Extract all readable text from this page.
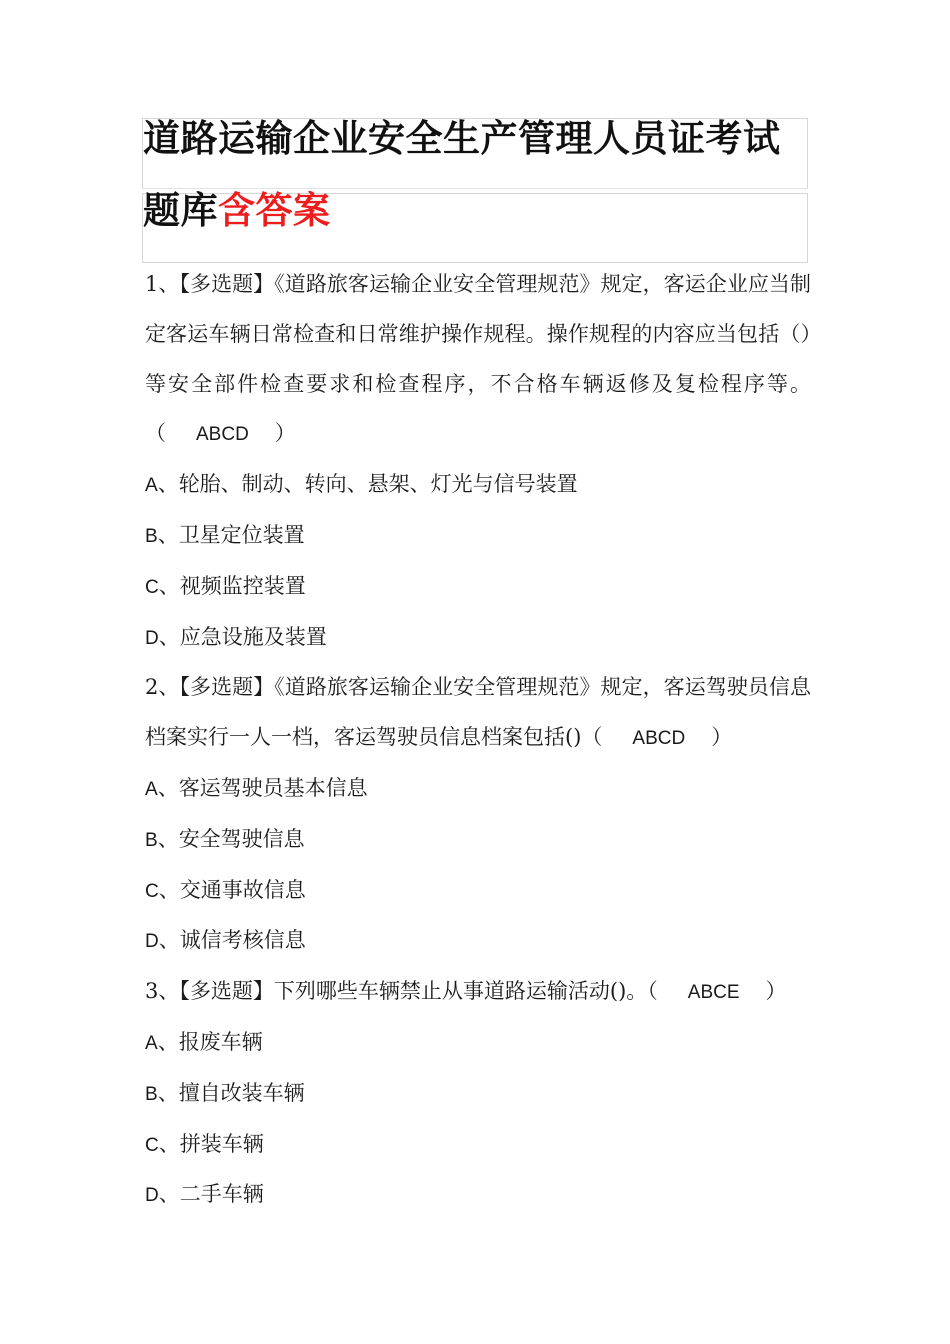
道路运输企业安全生产管理人员证考试
题库含答案
1、【多选题】《道路旅客运输企业安全管理规范》规定，客运企业应当制定客运车辆日常检查和日常维护操作规程。操作规程的内容应当包括（）等安全部件检查要求和检查程序，不合格车辆返修及复检程序等。（ ABCD ）
A、轮胎、制动、转向、悬架、灯光与信号装置
B、卫星定位装置
C、视频监控装置
D、应急设施及装置
2、【多选题】《道路旅客运输企业安全管理规范》规定，客运驾驶员信息档案实行一人一档，客运驾驶员信息档案包括()（ ABCD ）
A、客运驾驶员基本信息
B、安全驾驶信息
C、交通事故信息
D、诚信考核信息
3、【多选题】下列哪些车辆禁止从事道路运输活动()。（ ABCE ）
A、报废车辆
B、擅自改装车辆
C、拼装车辆
D、二手车辆
